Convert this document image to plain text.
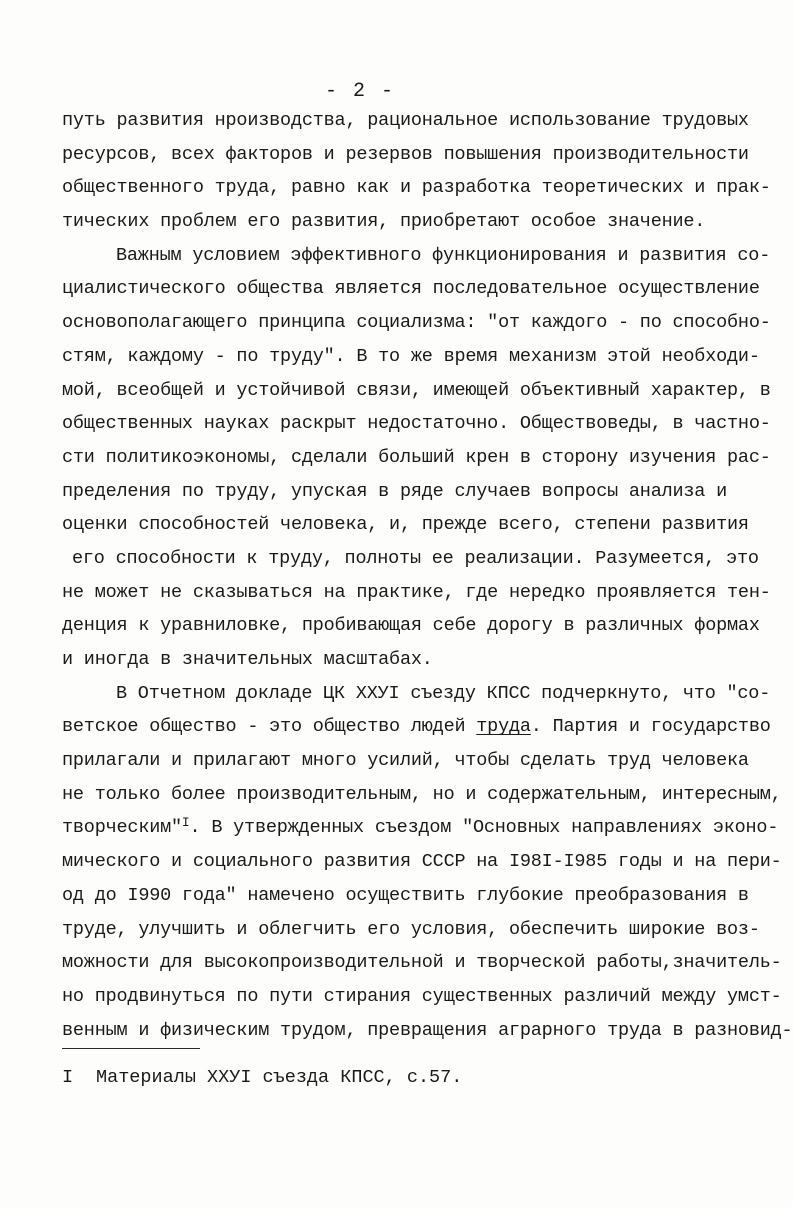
- 2 -
путь развития нроизводства, рациональное использование трудовых
ресурсов, всех факторов и резервов повышения производительности
общественного труда, равно как и разработка теоретических и прак-
тических проблем его развития, приобретают особое значение.
Важным условием эффективного функционирования и развития со-
циалистического общества является последовательное осуществление
основополагающего принципа социализма: "от каждого - по способно-
стям, каждому - по труду". В то же время механизм этой необходи-
мой, всеобщей и устойчивой связи, имеющей объективный характер, в
общественных науках раскрыт недостаточно. Обществоведы, в частно-
сти политикоэкономы, сделали больший крен в сторону изучения рас-
пределения по труду, упуская в ряде случаев вопросы анализа и
оценки способностей человека, и, прежде всего, степени развития
его способности к труду, полноты ее реализации. Разумеется, это
не может не сказываться на практике, где нередко проявляется тен-
денция к уравниловке, пробивающая себе дорогу в различных формах
и иногда в значительных масштабах.
В Отчетном докладе ЦК XXУI съезду КПСС подчеркнуто, что "со-
ветское общество - это общество людей труда. Партия и государство
прилагали и прилагают много усилий, чтобы сделать труд человека
не только более производительным, но и содержательным, интересным,
творческим"$^I$. В утвержденных съездом "Основных направлениях эконо-
мического и социального развития СССР на I98I-I985 годы и на пери-
од до I990 года" намечено осуществить глубокие преобразования в
труде, улучшить и облегчить его условия, обеспечить широкие воз-
можности для высокопроизводительной и творческой работы,значитель-
но продвинуться по пути стирания существенных различий между умст-
венным и физическим трудом, превращения аграрного труда в разновид-
I Материалы XXУI съезда КПСС, с.57.
